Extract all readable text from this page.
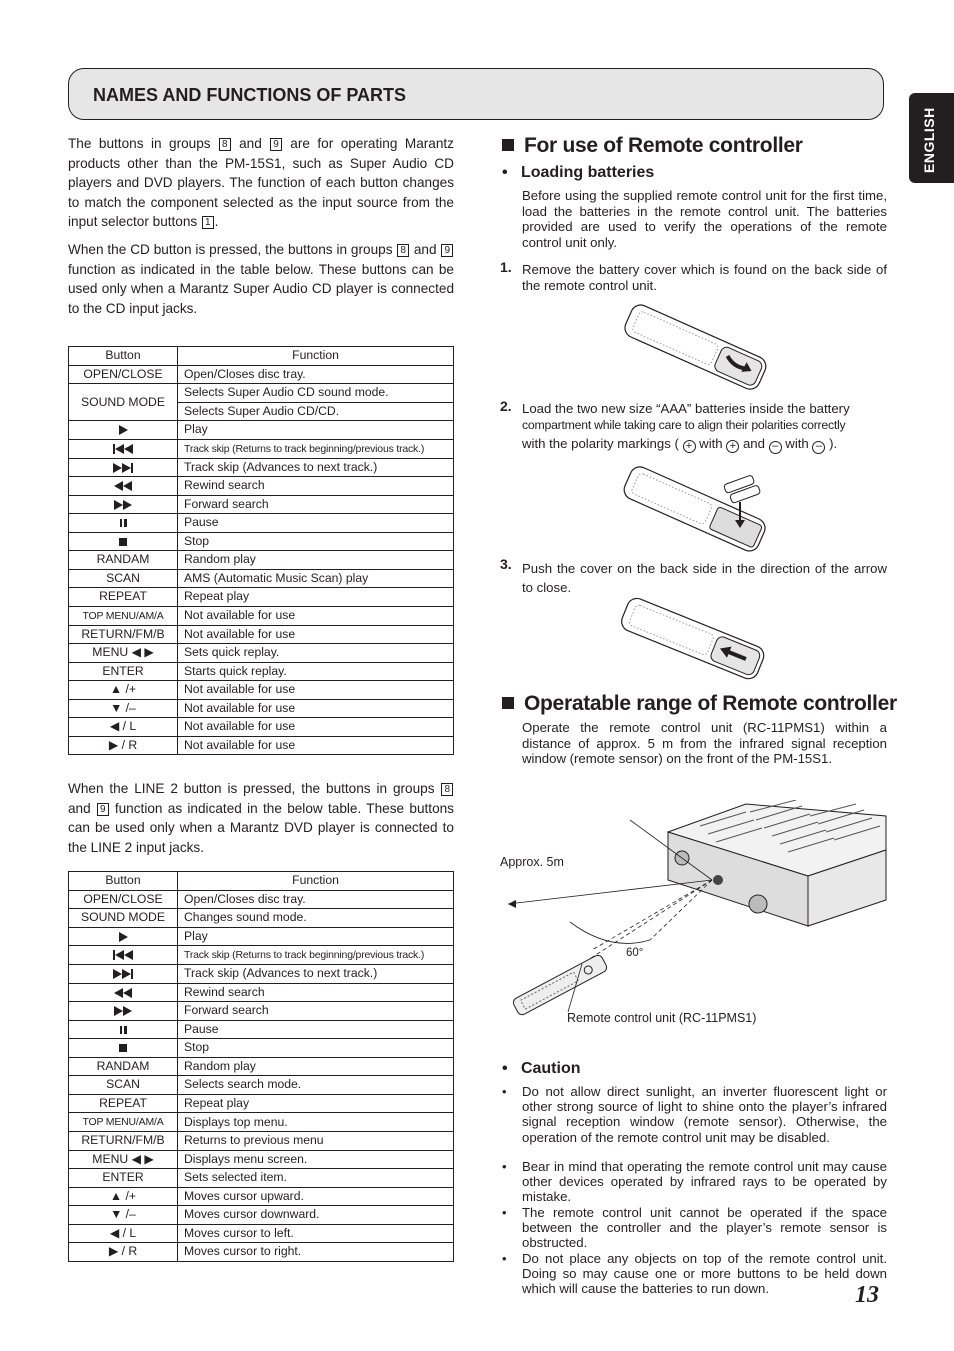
NAMES AND FUNCTIONS OF PARTS
ENGLISH
The buttons in groups 8 and 9 are for operating Marantz products other than the PM-15S1, such as Super Audio CD players and DVD players. The function of each button changes to match the component selected as the input source from the input selector buttons 1 .
When the CD button is pressed, the buttons in groups 8 and 9 function as indicated in the table below. These buttons can be used only when a Marantz Super Audio CD player is connected to the CD input jacks.
Button	Function
OPEN/CLOSE	Open/Closes disc tray.
SOUND MODE	Selects Super Audio CD sound mode.
	Selects Super Audio CD/CD.
	Play
	Track skip (Returns to track beginning/previous track.)
	Track skip (Advances to next track.)
	Rewind search
	Forward search
	Pause
	Stop
RANDAM	Random play
SCAN	AMS (Automatic Music Scan) play
REPEAT	Repeat play
TOP MENU/AM/A	Not available for use
RETURN/FM/B	Not available for use
MENU ◀ ▶	Sets quick replay.
ENTER	Starts quick replay.
▲ /+	Not available for use
▼ /–	Not available for use
◀ / L	Not available for use
▶ / R	Not available for use
When the LINE 2 button is pressed, the buttons in groups 8 and 9 function as indicated in the below table. These buttons can be used only when a Marantz DVD player is connected to the LINE 2 input jacks.
Button	Function
OPEN/CLOSE	Open/Closes disc tray.
SOUND MODE	Changes sound mode.
	Play
	Track skip (Returns to track beginning/previous track.)
	Track skip (Advances to next track.)
	Rewind search
	Forward search
	Pause
	Stop
RANDAM	Random play
SCAN	Selects search mode.
REPEAT	Repeat play
TOP MENU/AM/A	Displays top menu.
RETURN/FM/B	Returns to previous menu
MENU ◀ ▶	Displays menu screen.
ENTER	Sets selected item.
▲ /+	Moves cursor upward.
▼ /–	Moves cursor downward.
◀ / L	Moves cursor to left.
▶ / R	Moves cursor to right.
For use of Remote controller
•   Loading batteries
Before using the supplied remote control unit for the first time, load the batteries in the remote control unit. The batteries provided are used to verify the operations of the remote control unit only.
1. Remove the battery cover which is found on the back side of the remote control unit.
2. Load the two new size “AAA” batteries inside the battery
compartment while taking care to align their polarities correctly
with the polarity markings ( + with + and – with – ).
3. Push the cover on the back side in the direction of the arrow to close.
Operatable range of Remote controller
Operate the remote control unit (RC-11PMS1) within a distance of approx. 5 m from the infrared signal reception window (remote sensor) on the front of the PM-15S1.
Approx. 5m
60°
Remote control unit (RC-11PMS1)
•   Caution
• Do not allow direct sunlight, an inverter fluorescent light or other strong source of light to shine onto the player’s infrared signal reception window (remote sensor). Otherwise, the operation of the remote control unit may be disabled.
• Bear in mind that operating the remote control unit may cause other devices operated by infrared rays to be operated by mistake.
• The remote control unit cannot be operated if the space between the controller and the player’s remote sensor is obstructed.
• Do not place any objects on top of the remote control unit. Doing so may cause one or more buttons to be held down which will cause the batteries to run down.	13
